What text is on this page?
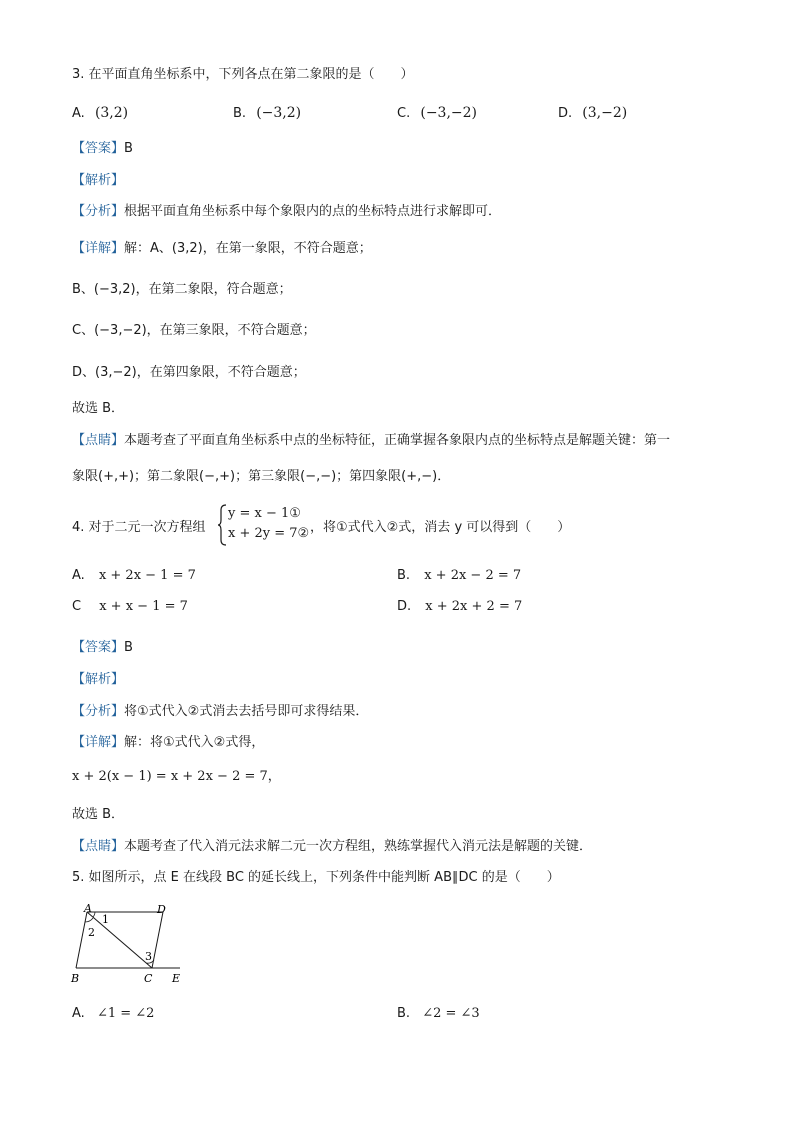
3. 在平面直角坐标系中，下列各点在第二象限的是（　　）
A. (3,2)	B. (−3,2)	C. (−3,−2)	D. (3,−2)
【答案】B
【解析】
【分析】根据平面直角坐标系中每个象限内的点的坐标特点进行求解即可．
【详解】解：A、(3,2)，在第一象限，不符合题意；
B、(−3,2)，在第二象限，符合题意；
C、(−3,−2)，在第三象限，不符合题意；
D、(3,−2)，在第四象限，不符合题意；
故选 B．
【点睛】本题考查了平面直角坐标系中点的坐标特征，正确掌握各象限内点的坐标特点是解题关键：第一
象限(+,+)；第二象限(−,+)；第三象限(−,−)；第四象限(+,−)．
4. 对于二元一次方程组
y = x − 1①
x + 2y = 7② ，将①式代入②式，消去 y 可以得到（　　）
A. x + 2x − 1 = 7	B. x + 2x − 2 = 7
C x + x − 1 = 7	D. x + 2x + 2 = 7
【答案】B
【解析】
【分析】将①式代入②式消去去括号即可求得结果．
【详解】解：将①式代入②式得，
x + 2(x − 1) = x + 2x − 2 = 7，
故选 B．
【点睛】本题考查了代入消元法求解二元一次方程组，熟练掌握代入消元法是解题的关键．
5. 如图所示，点 E 在线段 BC 的延长线上，下列条件中能判断 AB∥DC 的是（　　）
A	D
B	C E
1
2
3
A. ∠1 = ∠2	B. ∠2 = ∠3
